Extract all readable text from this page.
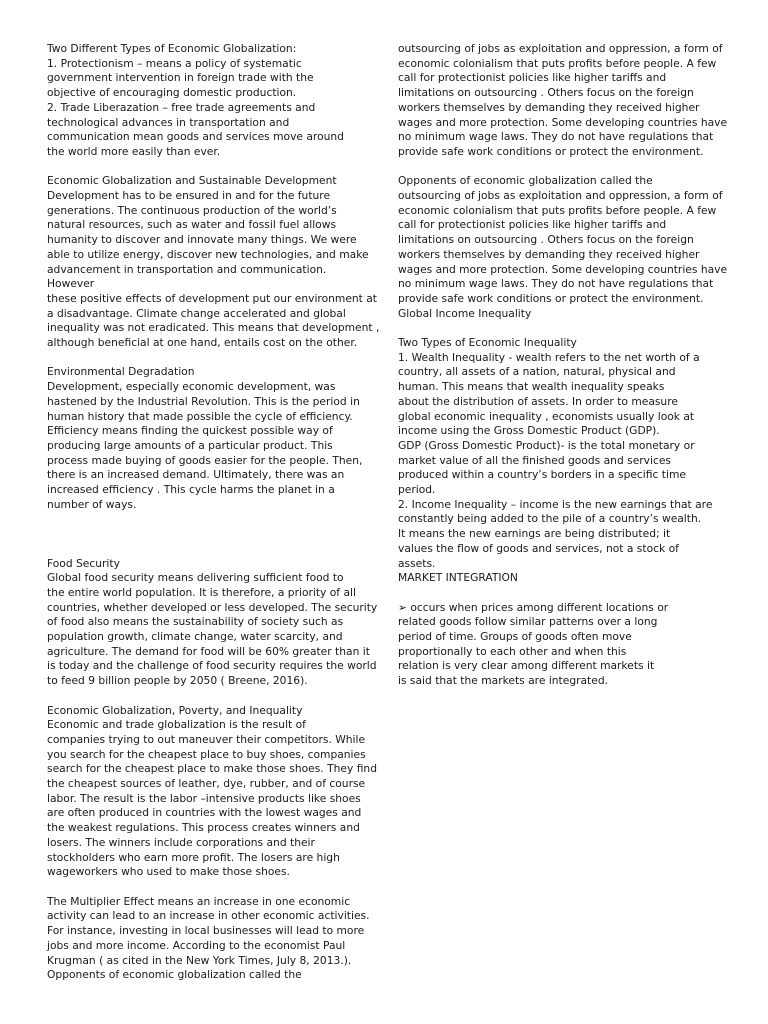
Two Different Types of Economic Globalization:
1. Protectionism – means a policy of systematic
government intervention in foreign trade with the
objective of encouraging domestic production.
2. Trade Liberazation – free trade agreements and
technological advances in transportation and
communication mean goods and services move around
the world more easily than ever.
Economic Globalization and Sustainable Development
Development has to be ensured in and for the future
generations. The continuous production of the world’s
natural resources, such as water and fossil fuel allows
humanity to discover and innovate many things. We were
able to utilize energy, discover new technologies, and make
advancement in transportation and communication.
However
these positive effects of development put our environment at
a disadvantage. Climate change accelerated and global
inequality was not eradicated. This means that development ,
although beneficial at one hand, entails cost on the other.
Environmental Degradation
Development, especially economic development, was
hastened by the Industrial Revolution. This is the period in
human history that made possible the cycle of efficiency.
Efficiency means finding the quickest possible way of
producing large amounts of a particular product. This
process made buying of goods easier for the people. Then,
there is an increased demand. Ultimately, there was an
increased efficiency . This cycle harms the planet in a
number of ways.
Food Security
Global food security means delivering sufficient food to
the entire world population. It is therefore, a priority of all
countries, whether developed or less developed. The security
of food also means the sustainability of society such as
population growth, climate change, water scarcity, and
agriculture. The demand for food will be 60% greater than it
is today and the challenge of food security requires the world
to feed 9 billion people by 2050 ( Breene, 2016).
Economic Globalization, Poverty, and Inequality
Economic and trade globalization is the result of
companies trying to out maneuver their competitors. While
you search for the cheapest place to buy shoes, companies
search for the cheapest place to make those shoes. They find
the cheapest sources of leather, dye, rubber, and of course
labor. The result is the labor –intensive products like shoes
are often produced in countries with the lowest wages and
the weakest regulations. This process creates winners and
losers. The winners include corporations and their
stockholders who earn more profit. The losers are high
wageworkers who used to make those shoes.
The Multiplier Effect means an increase in one economic
activity can lead to an increase in other economic activities.
For instance, investing in local businesses will lead to more
jobs and more income. According to the economist Paul
Krugman ( as cited in the New York Times, July 8, 2013.).
Opponents of economic globalization called the
outsourcing of jobs as exploitation and oppression, a form of
economic colonialism that puts profits before people. A few
call for protectionist policies like higher tariffs and
limitations on outsourcing . Others focus on the foreign
workers themselves by demanding they received higher
wages and more protection. Some developing countries have
no minimum wage laws. They do not have regulations that
provide safe work conditions or protect the environment.
Opponents of economic globalization called the
outsourcing of jobs as exploitation and oppression, a form of
economic colonialism that puts profits before people. A few
call for protectionist policies like higher tariffs and
limitations on outsourcing . Others focus on the foreign
workers themselves by demanding they received higher
wages and more protection. Some developing countries have
no minimum wage laws. They do not have regulations that
provide safe work conditions or protect the environment.
Global Income Inequality
Two Types of Economic Inequality
1. Wealth Inequality - wealth refers to the net worth of a
country, all assets of a nation, natural, physical and
human. This means that wealth inequality speaks
about the distribution of assets. In order to measure
global economic inequality , economists usually look at
income using the Gross Domestic Product (GDP).
GDP (Gross Domestic Product)- is the total monetary or
market value of all the finished goods and services
produced within a country’s borders in a specific time
period.
2. Income Inequality – income is the new earnings that are
constantly being added to the pile of a country’s wealth.
It means the new earnings are being distributed; it
values the flow of goods and services, not a stock of
assets.
MARKET INTEGRATION
➢ occurs when prices among different locations or
related goods follow similar patterns over a long
period of time. Groups of goods often move
proportionally to each other and when this
relation is very clear among different markets it
is said that the markets are integrated.
